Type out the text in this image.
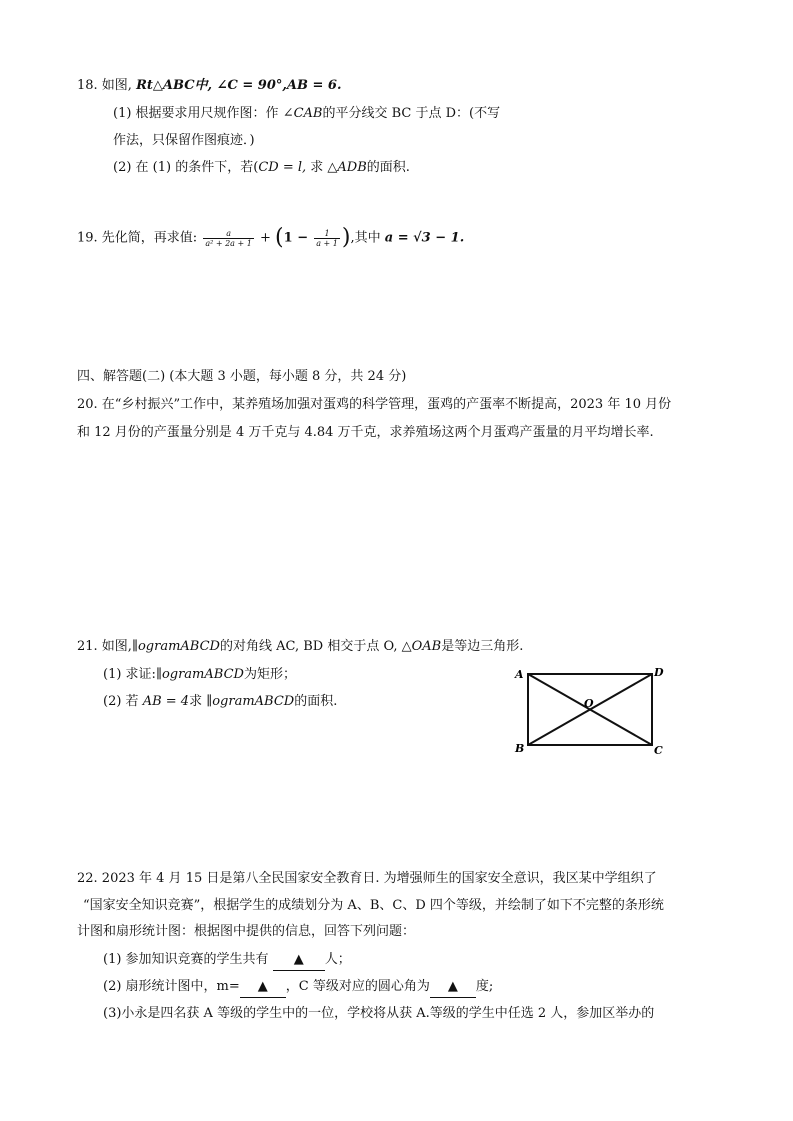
18. 如图, Rt△ABC中, ∠C = 90°,AB = 6.
(1) 根据要求用尺规作图：作 ∠CAB的平分线交 BC 于点 D：(不写
作法，只保留作图痕迹．)
(2) 在 (1) 的条件下，若(CD = l, 求 △ADB的面积.
19. 先化简，再求值: $\frac{a}{\text{a² + 2a + 1}} + (1 - \frac{1}{a + 1}$ ),其中 a = √3 − 1.
四、解答题(二) (本大题 3 小题，每小题 8 分，共 24 分)
20. 在“乡村振兴”工作中，某养殖场加强对蛋鸡的科学管理，蛋鸡的产蛋率不断提高，2023 年 10 月份
和 12 月份的产蛋量分别是 4 万千克与 4.84 万千克，求养殖场这两个月蛋鸡产蛋量的月平均增长率.
21. 如图,∥ogramABCD的对角线 AC, BD 相交于点 O, △OAB是等边三角形.
(1) 求证:∥ogramABCD为矩形；
(2) 若 AB = 4求 ∥ogramABCD的面积.
A
B	C
D
O
22. 2023 年 4 月 15 日是第八全民国家安全教育日. 为增强师生的国家安全意识，我区某中学组织了
“国家安全知识竞赛”，根据学生的成绩划分为 A、B、C、D 四个等级，并绘制了如下不完整的条形统
计图和扇形统计图：根据图中提供的信息，回答下列问题：
(1) 参加知识竞赛的学生共有 ▲ 人；
(2) 扇形统计图中，m= ▲ ，C 等级对应的圆心角为 ▲ 度;
(3)小永是四名获 A 等级的学生中的一位，学校将从获 A.等级的学生中任选 2 人，参加区举办的
